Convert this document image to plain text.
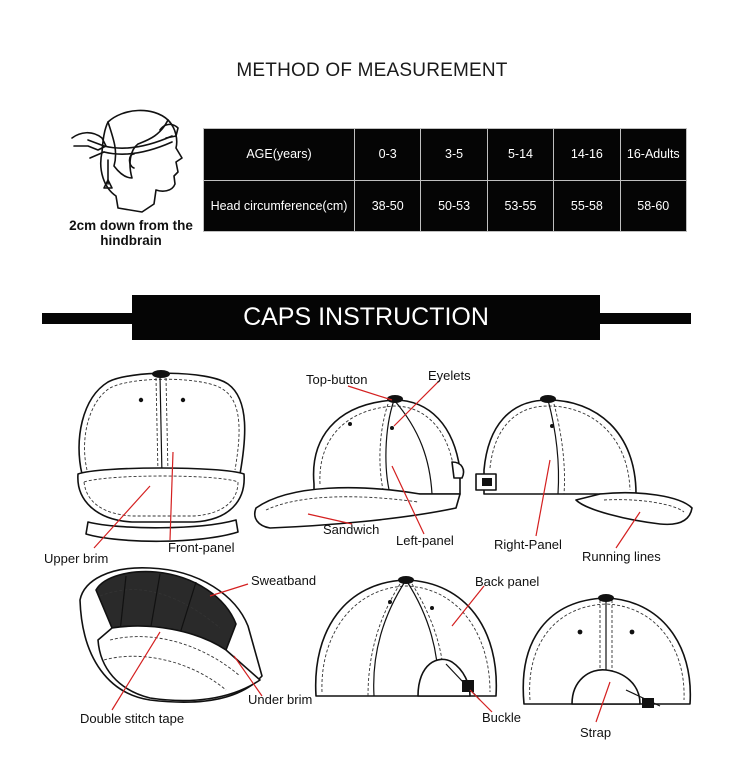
METHOD OF MEASUREMENT
2cm down from the hindbrain
AGE(years)	0-3	3-5	5-14	14-16	16-Adults
Head circumference(cm)	38-50	50-53	53-55	55-58	58-60
CAPS INSTRUCTION
Upper brim
Front-panel
Top-button	Eyelets
Sandwich
Left-panel	Right-Panel
Running lines
Sweatband	Back panel
Double stitch tape
Under brim
Buckle
Strap
